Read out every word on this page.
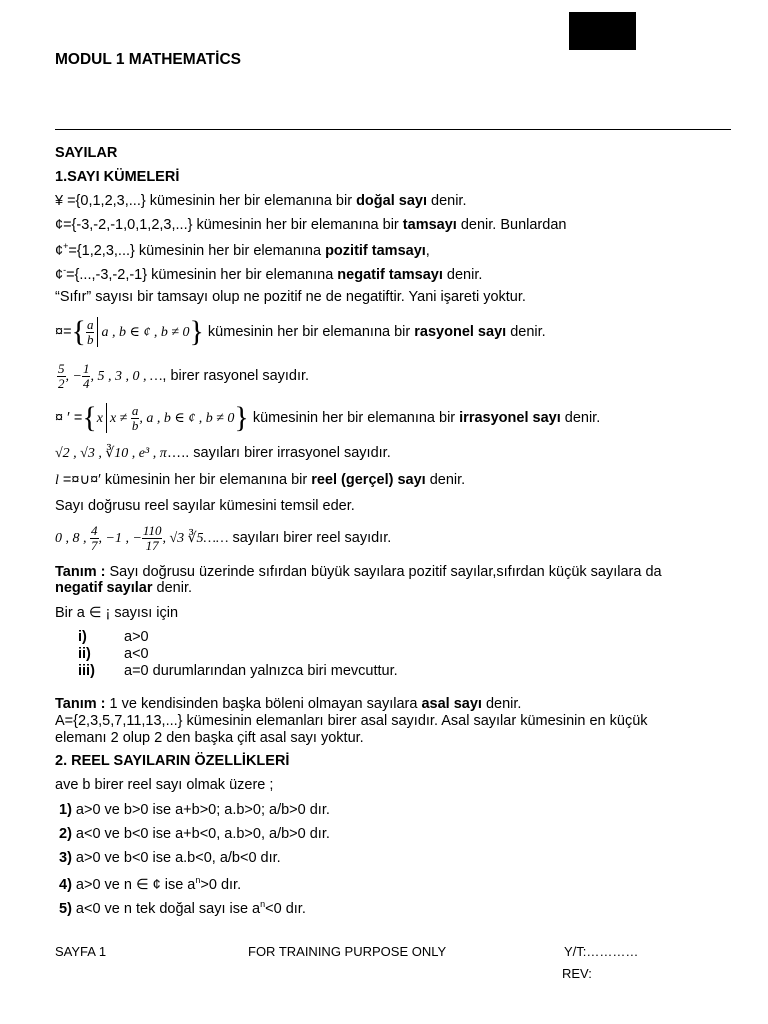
MODUL 1 MATHEMATİCS
SAYILAR
1.SAYI KÜMELERİ
¥ ={0,1,2,3,...} kümesinin her bir elemanına bir doğal sayı denir.
¢={-3,-2,-1,0,1,2,3,...} kümesinin her bir elemanına bir tamsayı denir. Bunlardan
¢+={1,2,3,...} kümesinin her bir elemanına pozitif tamsayı,
¢-={...,-3,-2,-1} kümesinin her bir elemanına negatif tamsayı denir.
“Sıfır” sayısı bir tamsayı olup ne pozitif ne de negatiftir. Yani işareti yoktur.
¤={ $\frac{a}{b}$ a , b ∈ ¢ , b ≠ 0} kümesinin her bir elemanına bir rasyonel sayı denir.
$\frac{5}{2}$ , − $\frac{1}{4}$ , 5 , 3 , 0 , …, birer rasyonel sayıdır.
¤ ′ ={x $x \ne \frac{a}{b}$ , a , b ∈ ¢ , b ≠ 0} kümesinin her bir elemanına bir irrasyonel sayı denir.
√2 , √3 , ∛10 , e³ , π….. sayıları birer irrasyonel sayıdır.
l =¤∪¤′ kümesinin her bir elemanına bir reel (gerçel) sayı denir.
Sayı doğrusu reel sayılar kümesini temsil eder.
0 , 8 , $\frac{4}{7}$ , −1 , − $\frac{110}{17}$ , √3 ∛5…… sayıları birer reel sayıdır.
Tanım : Sayı doğrusu üzerinde sıfırdan büyük sayılara pozitif sayılar,sıfırdan küçük sayılara da
negatif sayılar denir.
Bir a ∈ ¡ sayısı için
i)	a>0
ii) a<0
iii) a=0 durumlarından yalnızca biri mevcuttur.
Tanım : 1 ve kendisinden başka böleni olmayan sayılara asal sayı denir.
A={2,3,5,7,11,13,...} kümesinin elemanları birer asal sayıdır. Asal sayılar kümesinin en küçük
elemanı 2 olup 2 den başka çift asal sayı yoktur.
2. REEL SAYILARIN ÖZELLİKLERİ
ave b birer reel sayı olmak üzere ;
1) a>0 ve b>0 ise a+b>0; a.b>0; a/b>0 dır.
2) a<0 ve b<0 ise a+b<0, a.b>0, a/b>0 dır.
3) a>0 ve b<0 ise a.b<0, a/b<0 dır.
4) a>0 ve n ∈ ¢ ise $a^n>0$ dır.
5) a<0 ve n tek doğal sayı ise $a^n<0$ dır.
SAYFA 1	FOR TRAINING PURPOSE ONLY	Y/T:…………
REV:
